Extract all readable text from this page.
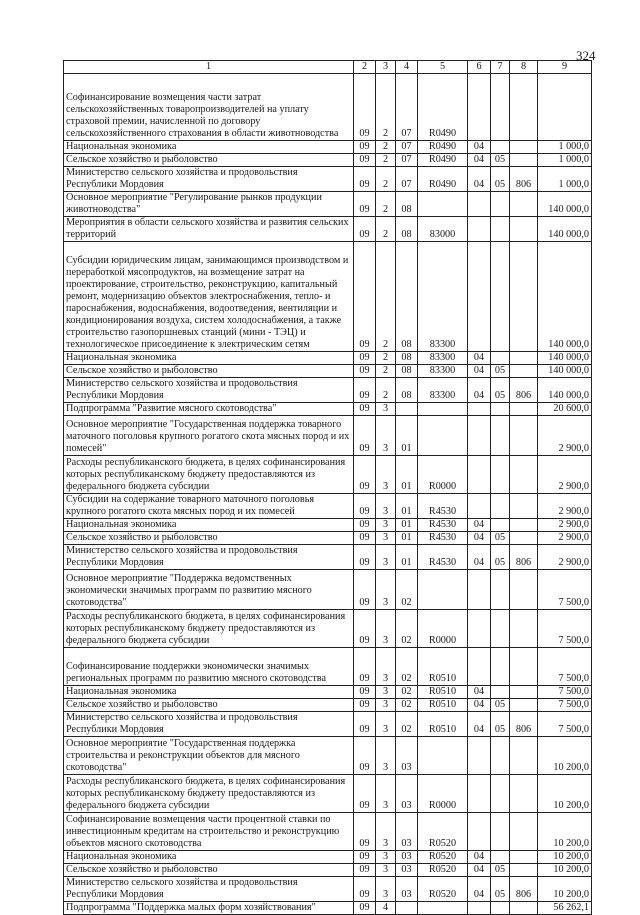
324
1	2	3	4	5	6	7	8	9
Софинансирование возмещения части затрат сельскохозяйственных товаропроизводителей на уплату страховой премии, начисленной по договору сельскохозяйственного страхования в области животноводства	09	2	07	R0490				
Национальная экономика	09	2	07	R0490	04			1 000,0
Сельское хозяйство и рыболовство	09	2	07	R0490	04	05		1 000,0
Министерство сельского хозяйства и продовольствия Республики Мордовия	09	2	07	R0490	04	05	806	1 000,0
Основное мероприятие "Регулирование рынков продукции животноводства"	09	2	08					140 000,0
Мероприятия в области сельского хозяйства и развития сельских территорий	09	2	08	83000				140 000,0
Субсидии юридическим лицам, занимающимся производством и переработкой мясопродуктов, на возмещение затрат на проектирование, строительство, реконструкцию, капитальный ремонт, модернизацию объектов электроснабжения, тепло- и пароснабжения, водоснабжения, водоотведения, вентиляции и кондиционирования воздуха, систем холодоснабжения, а также строительство газопоршневых станций (мини - ТЭЦ) и технологическое присоединение к электрическим сетям	09	2	08	83300				140 000,0
Национальная экономика	09	2	08	83300	04			140 000,0
Сельское хозяйство и рыболовство	09	2	08	83300	04	05		140 000,0
Министерство сельского хозяйства и продовольствия Республики Мордовия	09	2	08	83300	04	05	806	140 000,0
Подпрограмма "Развитие мясного скотоводства"	09	3						20 600,0
Основное мероприятие "Государственная поддержка товарного маточного поголовья крупного рогатого скота мясных пород и их помесей"	09	3	01					2 900,0
Расходы республиканского бюджета, в целях софинансирования которых республиканскому бюджету предоставляются из федерального бюджета субсидии	09	3	01	R0000				2 900,0
Субсидии на содержание товарного маточного поголовья крупного рогатого скота мясных пород и их помесей	09	3	01	R4530				2 900,0
Национальная экономика	09	3	01	R4530	04			2 900,0
Сельское хозяйство и рыболовство	09	3	01	R4530	04	05		2 900,0
Министерство сельского хозяйства и продовольствия Республики Мордовия	09	3	01	R4530	04	05	806	2 900,0
Основное мероприятие "Поддержка ведомственных экономически значимых программ по развитию мясного скотоводства"	09	3	02					7 500,0
Расходы республиканского бюджета, в целях софинансирования которых республиканскому бюджету предоставляются из федерального бюджета субсидии	09	3	02	R0000				7 500,0
Софинансирование поддержки экономически значимых региональных программ по развитию мясного скотоводства	09	3	02	R0510				7 500,0
Национальная экономика	09	3	02	R0510	04			7 500,0
Сельское хозяйство и рыболовство	09	3	02	R0510	04	05		7 500,0
Министерство сельского хозяйства и продовольствия Республики Мордовия	09	3	02	R0510	04	05	806	7 500,0
Основное мероприятие "Государственная поддержка строительства и реконструкции объектов для мясного скотоводства"	09	3	03					10 200,0
Расходы республиканского бюджета, в целях софинансирования которых республиканскому бюджету предоставляются из федерального бюджета субсидии	09	3	03	R0000				10 200,0
Софинансирование возмещения части процентной ставки по инвестиционным кредитам на строительство и реконструкцию объектов мясного скотоводства	09	3	03	R0520				10 200,0
Национальная экономика	09	3	03	R0520	04			10 200,0
Сельское хозяйство и рыболовство	09	3	03	R0520	04	05		10 200,0
Министерство сельского хозяйства и продовольствия Республики Мордовия	09	3	03	R0520	04	05	806	10 200,0
Подпрограмма "Поддержка малых форм хозяйствования"	09	4						56 262,1
